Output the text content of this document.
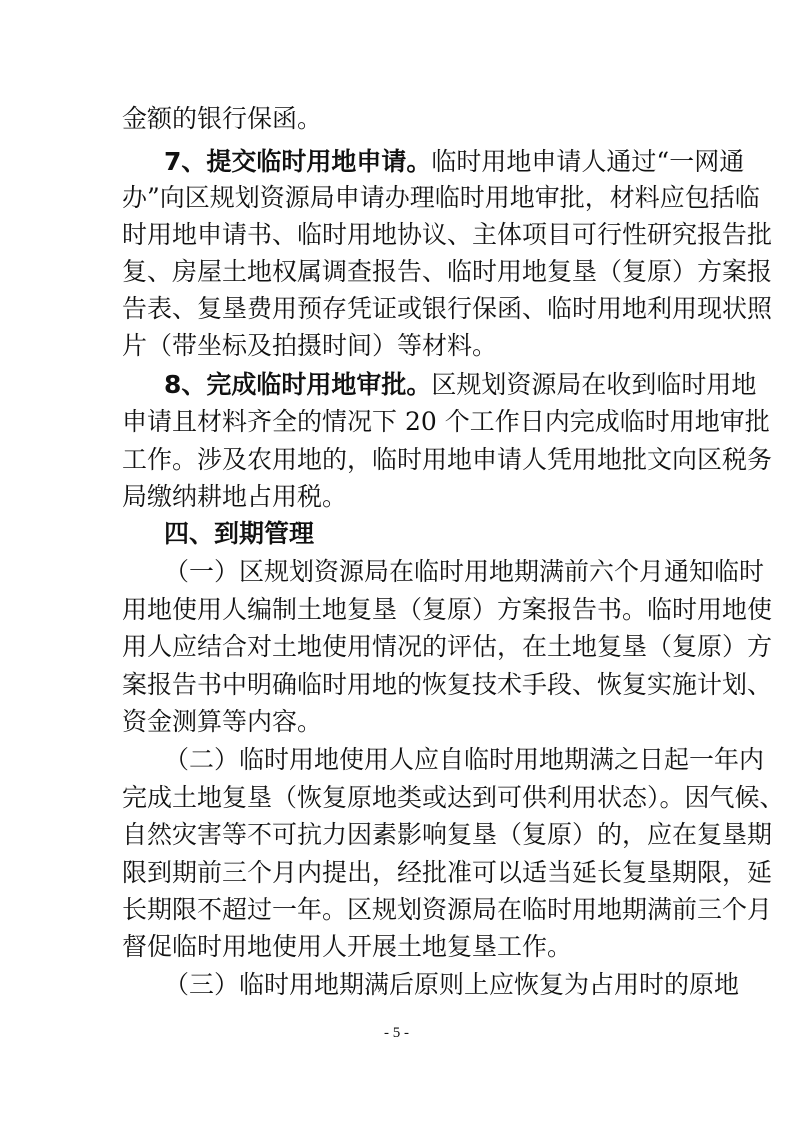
金额的银行保函。
7、提交临时用地申请。临时用地申请人通过“一网通
办”向区规划资源局申请办理临时用地审批，材料应包括临
时用地申请书、临时用地协议、主体项目可行性研究报告批
复、房屋土地权属调查报告、临时用地复垦（复原）方案报
告表、复垦费用预存凭证或银行保函、临时用地利用现状照
片（带坐标及拍摄时间）等材料。
8、完成临时用地审批。区规划资源局在收到临时用地
申请且材料齐全的情况下 20 个工作日内完成临时用地审批
工作。涉及农用地的，临时用地申请人凭用地批文向区税务
局缴纳耕地占用税。
四、到期管理
（一）区规划资源局在临时用地期满前六个月通知临时
用地使用人编制土地复垦（复原）方案报告书。临时用地使
用人应结合对土地使用情况的评估，在土地复垦（复原）方
案报告书中明确临时用地的恢复技术手段、恢复实施计划、
资金测算等内容。
（二）临时用地使用人应自临时用地期满之日起一年内
完成土地复垦（恢复原地类或达到可供利用状态）。因气候、
自然灾害等不可抗力因素影响复垦（复原）的，应在复垦期
限到期前三个月内提出，经批准可以适当延长复垦期限，延
长期限不超过一年。区规划资源局在临时用地期满前三个月
督促临时用地使用人开展土地复垦工作。
（三）临时用地期满后原则上应恢复为占用时的原地
- 5 -
